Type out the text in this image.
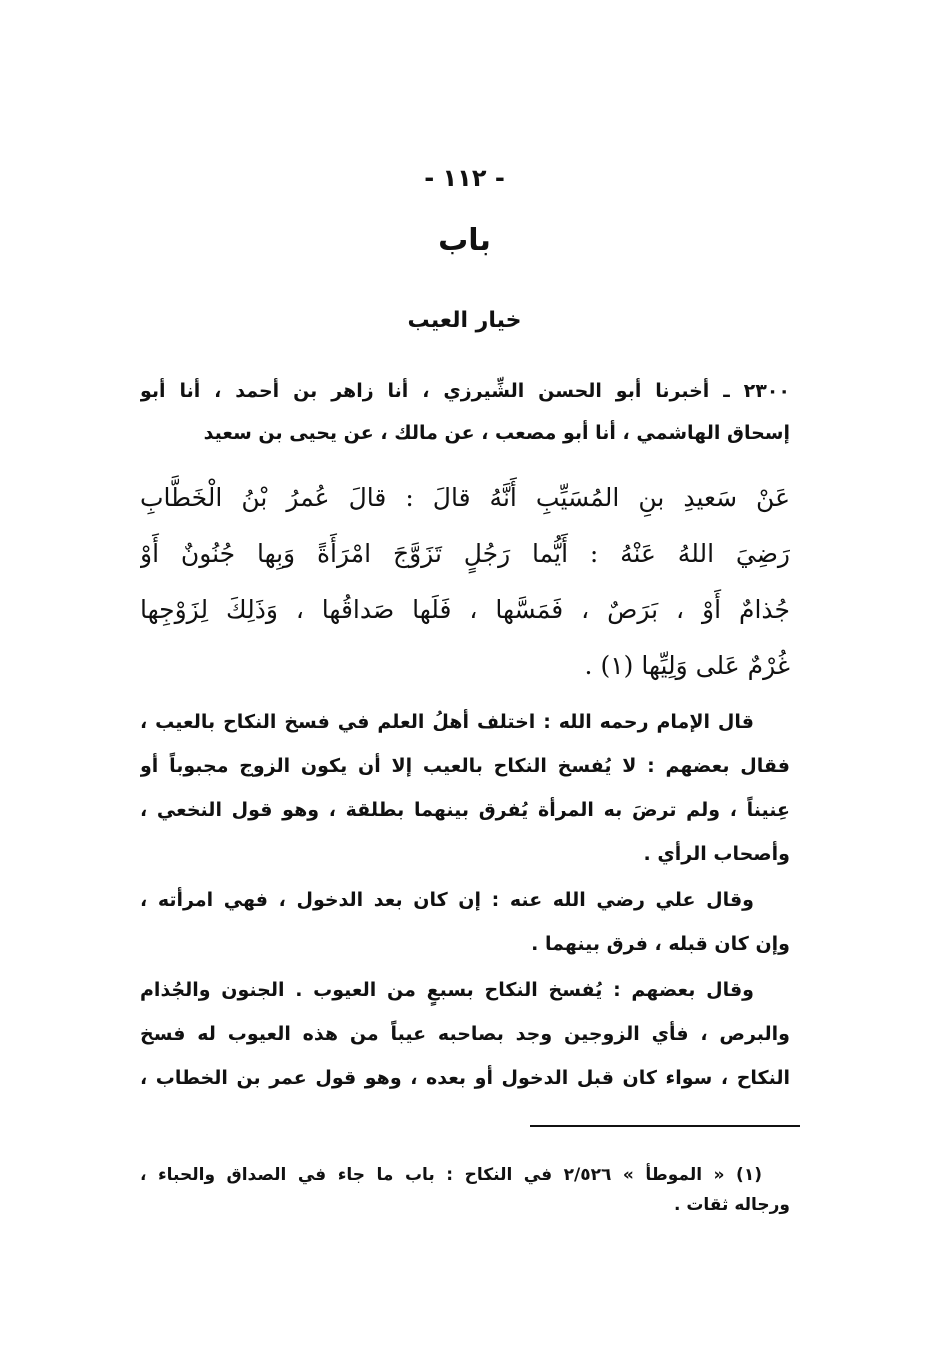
- ١١٢ -
باب
خيار العيب
٢٣٠٠ ـ أخبرنا أبو الحسن الشِّيرزي ، أنا زاهر بن أحمد ، أنا أبو
إسحاق الهاشمي ، أنا أبو مصعب ، عن مالك ، عن يحيى بن سعيد
عَنْ سَعيدِ بنِ المُسَيِّبِ أَنَّهُ قالَ : قالَ عُمرُ بْنُ الْخَطَّابِ
رَضِيَ اللهُ عَنْهُ : أَيُّما رَجُلٍ تَزَوَّجَ امْرَأَةً وَبِها جُنُونٌ أَوْ
جُذامٌ أَوْ ، بَرَصٌ ، فَمَسَّها ، فَلَها صَداقُها ، وَذَلِكَ لِزَوْجِها
غُرْمٌ عَلى وَلِيِّها (١) .
قال الإمام رحمه الله : اختلف أهلُ العلم في فسخ النكاح بالعيب ،
فقال بعضهم : لا يُفسخ النكاح بالعيب إلا أن يكون الزوج مجبوباً أو
عِنيناً ، ولم ترضَ به المرأة يُفرق بينهما بطلقة ، وهو قول النخعي ،
وأصحاب الرأي .
وقال علي رضي الله عنه : إن كان بعد الدخول ، فهي امرأته ،
وإن كان قبله ، فرق بينهما .
وقال بعضهم : يُفسخ النكاح بسبعٍ من العيوب . الجنون والجُذام
والبرص ، فأي الزوجين وجد بصاحبه عيباً من هذه العيوب له فسخ
النكاح ، سواء كان قبل الدخول أو بعده ، وهو قول عمر بن الخطاب ،
(١) « الموطأ » ٢/٥٢٦ في النكاح : باب ما جاء في الصداق والحباء ،
ورجاله ثقات .
